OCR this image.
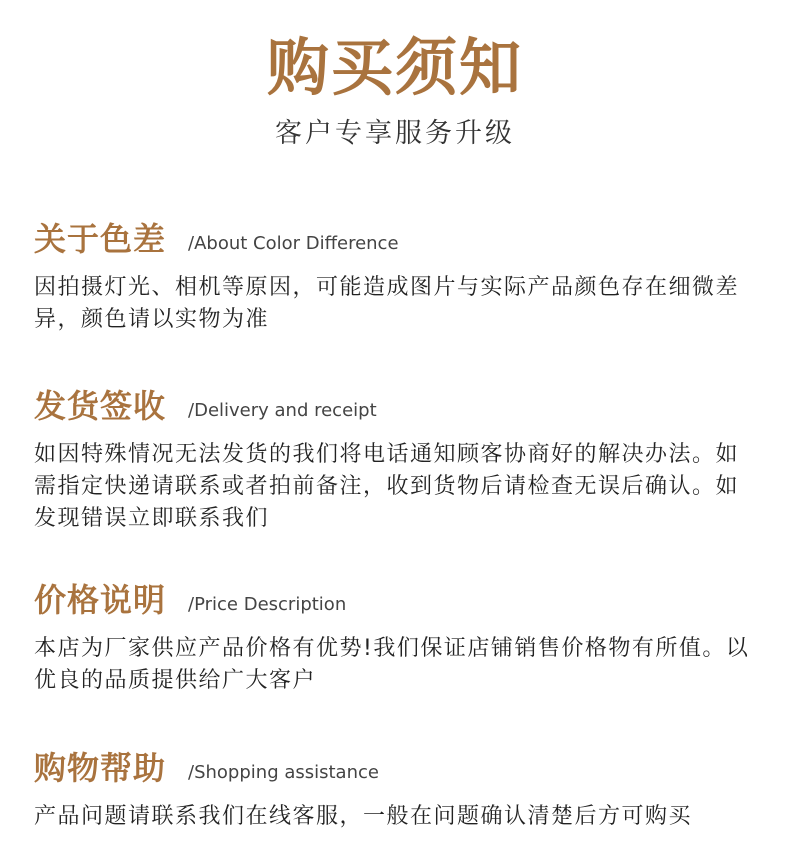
购买须知
客户专享服务升级
关于色差 /About Color Difference
因拍摄灯光、相机等原因，可能造成图片与实际产品颜色存在细微差异，颜色请以实物为准
发货签收 /Delivery and receipt
如因特殊情况无法发货的我们将电话通知顾客协商好的解决办法。如需指定快递请联系或者拍前备注，收到货物后请检查无误后确认。如发现错误立即联系我们
价格说明 /Price Description
本店为厂家供应产品价格有优势!我们保证店铺销售价格物有所值。以优良的品质提供给广大客户
购物帮助 /Shopping assistance
产品问题请联系我们在线客服，一般在问题确认清楚后方可购买
